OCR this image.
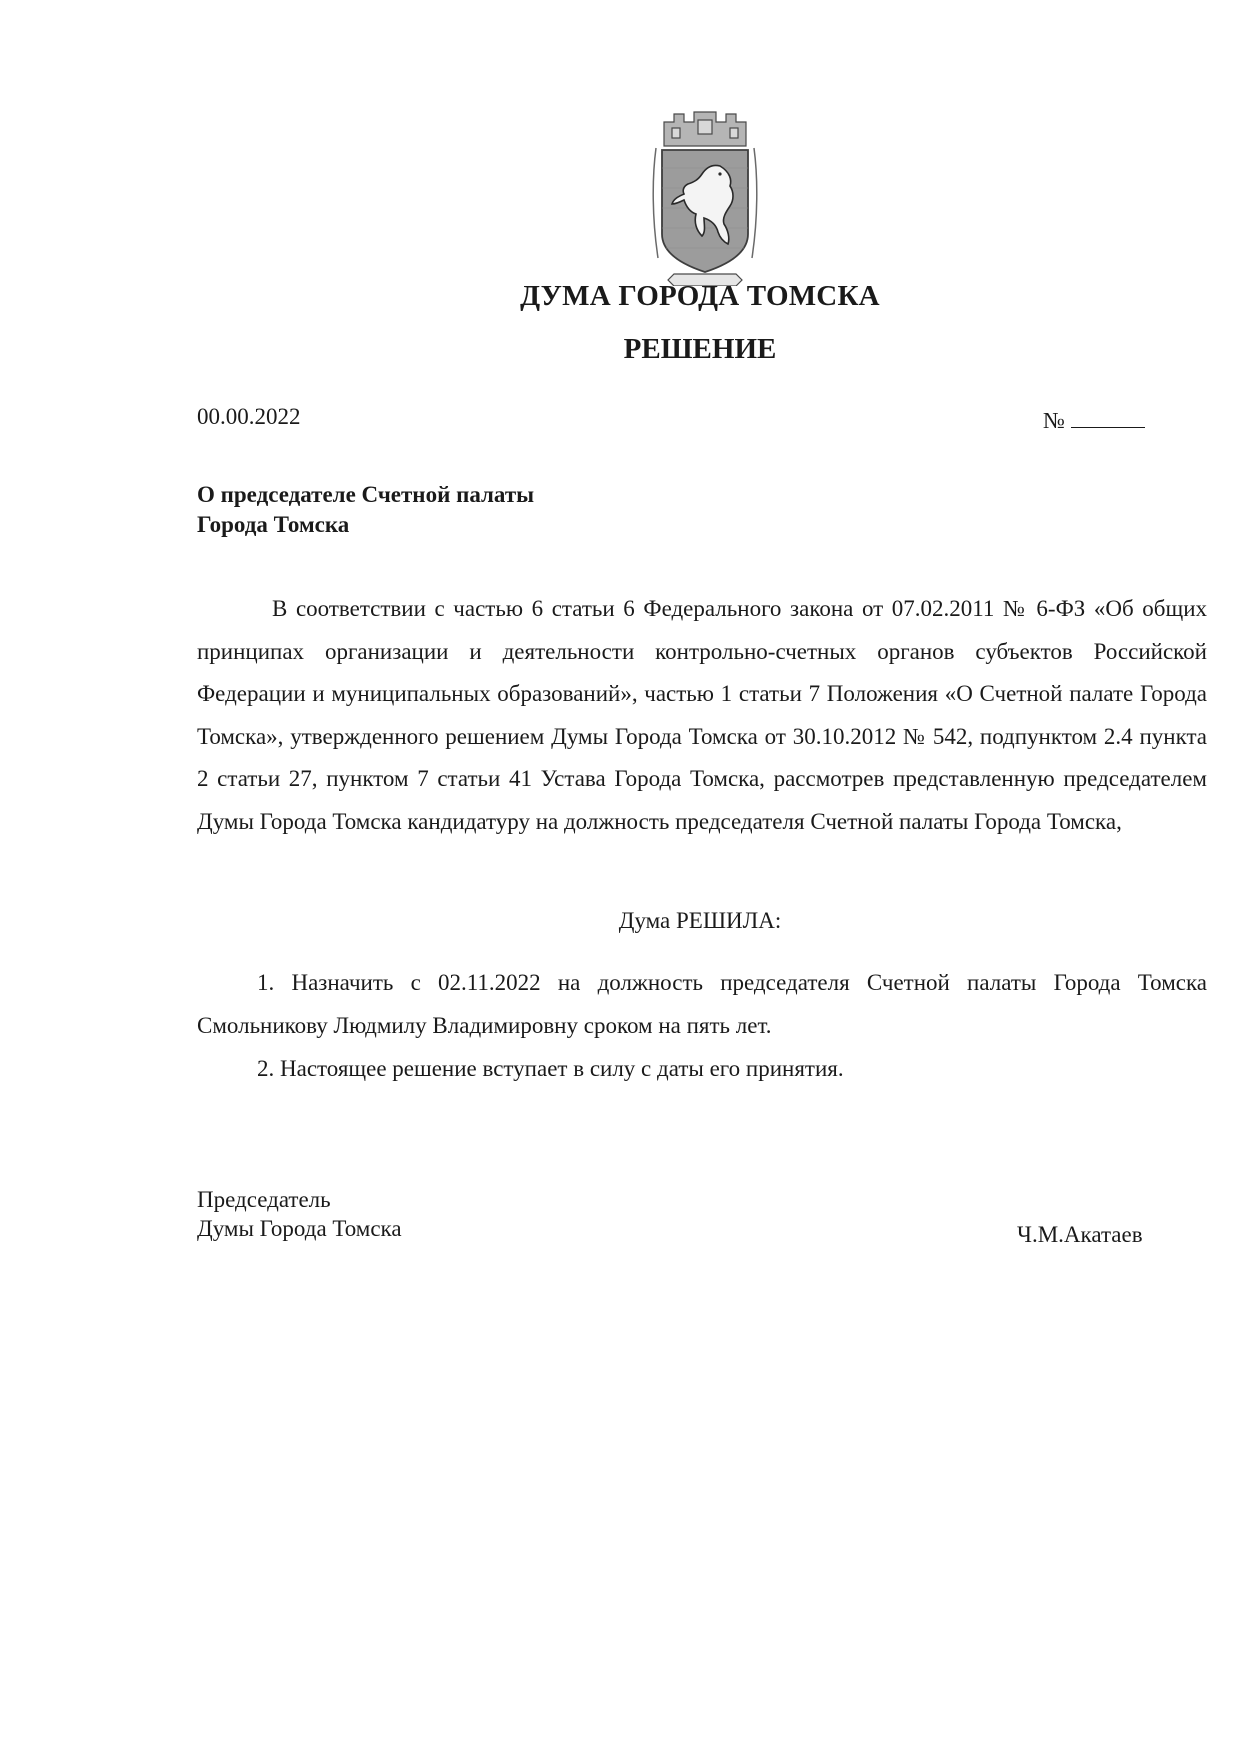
ДУМА ГОРОДА ТОМСКА
РЕШЕНИЕ
00.00.2022	№
О председателе Счетной палаты
Города Томска

В соответствии с частью 6 статьи 6 Федерального закона от 07.02.2011 № 6-ФЗ «Об общих принципах организации и деятельности контрольно-счетных органов субъектов Российской Федерации и муниципальных образований», частью 1 статьи 7 Положения «О Счетной палате Города Томска», утвержденного решением Думы Города Томска от 30.10.2012 № 542, подпунктом 2.4 пункта 2 статьи 27, пунктом 7 статьи 41 Устава Города Томска, рассмотрев представленную председателем Думы Города Томска кандидатуру на должность председателя Счетной палаты Города Томска,

Дума РЕШИЛА:

1. Назначить с 02.11.2022 на должность председателя Счетной палаты Города Томска Смольникову Людмилу Владимировну сроком на пять лет.

2. Настоящее решение вступает в силу с даты его принятия.

Председатель
Думы Города Томска	Ч.М.Акатаев
